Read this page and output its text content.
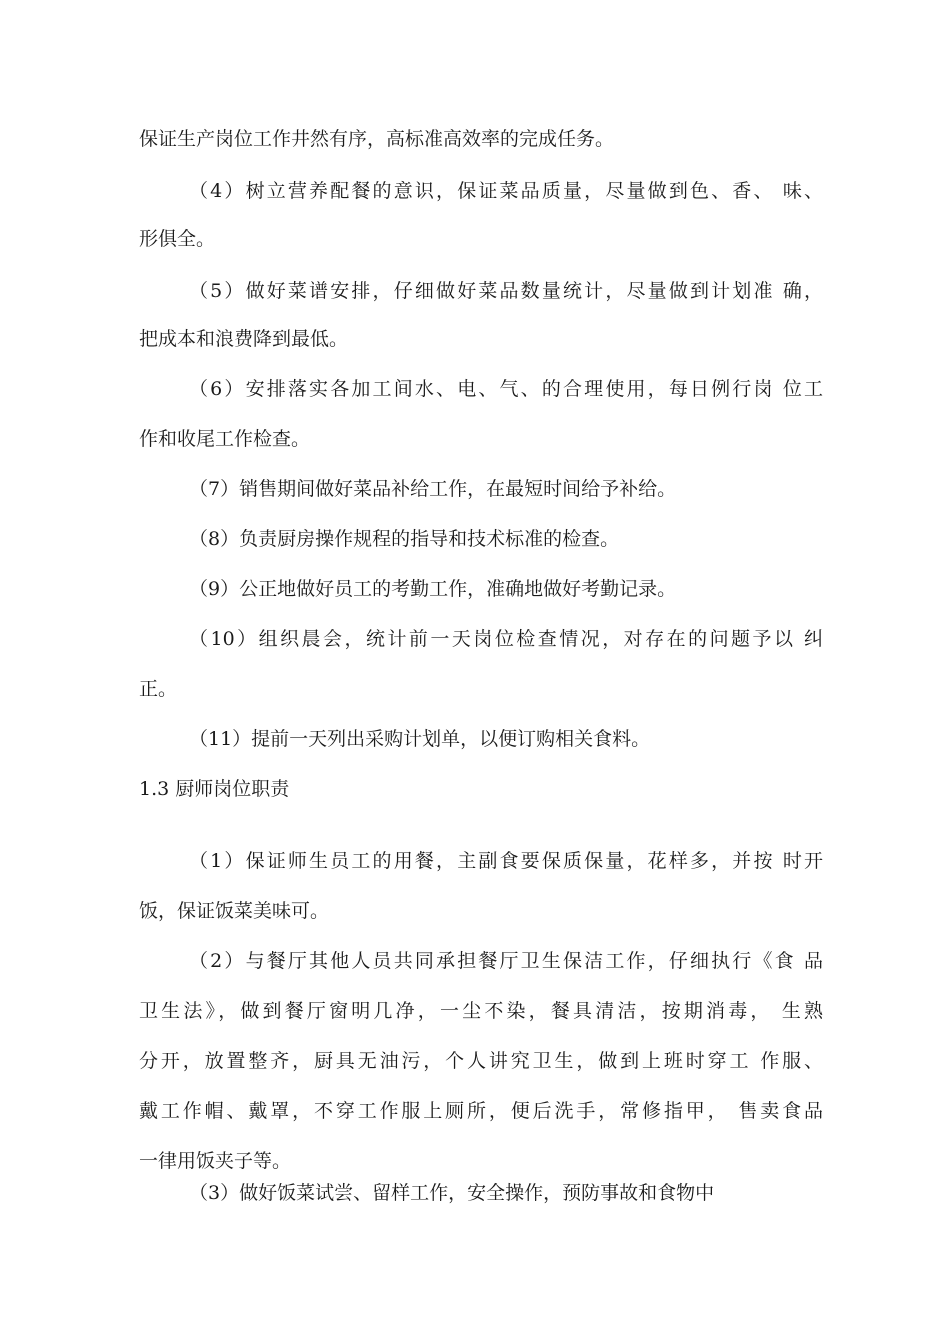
保证生产岗位工作井然有序，高标准高效率的完成任务。
（4）树立营养配餐的意识，保证菜品质量，尽量做到色、香、 味、
形俱全。
（5）做好菜谱安排，仔细做好菜品数量统计，尽量做到计划准 确，
把成本和浪费降到最低。
（6）安排落实各加工间水、电、气、的合理使用，每日例行岗 位工
作和收尾工作检查。
（7）销售期间做好菜品补给工作，在最短时间给予补给。
（8）负责厨房操作规程的指导和技术标准的检查。
（9）公正地做好员工的考勤工作，准确地做好考勤记录。
（10）组织晨会，统计前一天岗位检查情况，对存在的问题予以 纠
正。
（11）提前一天列出采购计划单，以便订购相关食料。
1.3 厨师岗位职责
（1）保证师生员工的用餐，主副食要保质保量，花样多，并按 时开
饭，保证饭菜美味可。
（2）与餐厅其他人员共同承担餐厅卫生保洁工作，仔细执行《食 品
卫生法》，做到餐厅窗明几净，一尘不染，餐具清洁，按期消毒， 生熟
分开，放置整齐，厨具无油污，个人讲究卫生，做到上班时穿工 作服、
戴工作帽、戴罩，不穿工作服上厕所，便后洗手，常修指甲， 售卖食品
一律用饭夹子等。
（3）做好饭菜试尝、留样工作，安全操作，预防事故和食物中
